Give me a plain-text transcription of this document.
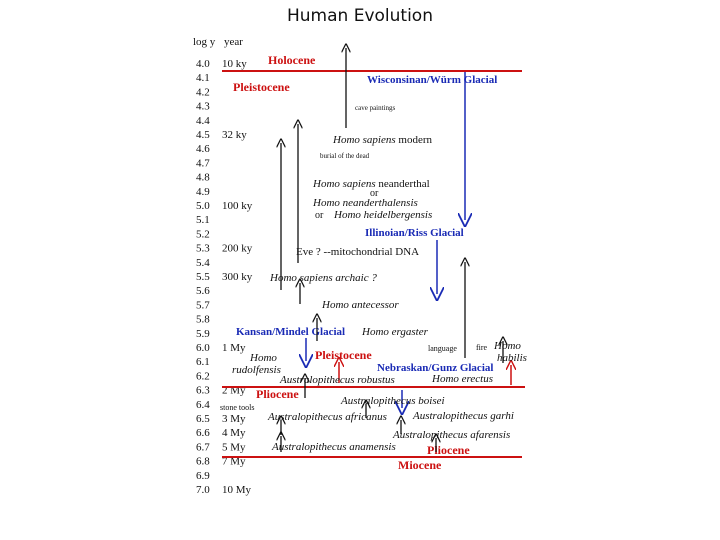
Human Evolution
log y year
4.0
4.1
4.2
4.3
4.4
4.5
4.6
4.7
4.8
4.9
5.0
5.1
5.2
5.3
5.4
5.5
5.6
5.7
5.8
5.9
6.0
6.1
6.2
6.3
6.4
6.5
6.6
6.7
6.8
6.9
7.0
10 ky
32 ky
100 ky
200 ky
300 ky
1 My
2 My
3 My
4 My
5 My
7 My
10 My
stone tools
Holocene
Pleistocene
Pleistocene
Pliocene
Pliocene
Miocene
Wisconsinan/Würm Glacial
Illinoian/Riss Glacial
Kansan/Mindel Glacial
Nebraskan/Gunz Glacial
cave paintings
burial of the dead
language fire
Homo sapiens modern
Homo sapiens neanderthal
or
Homo neanderthalensis
or Homo heidelbergensis
Eve ? --mitochondrial DNA
Homo sapiens archaic ?
Homo antecessor
Homo ergaster
Homo
habilis
Homo
rudolfensis
Homo erectus
Australopithecus robustus
Australopithecus boisei
Australopithecus africanus Australopithecus garhi
Australopithecus afarensis
Australopithecus anamensis
